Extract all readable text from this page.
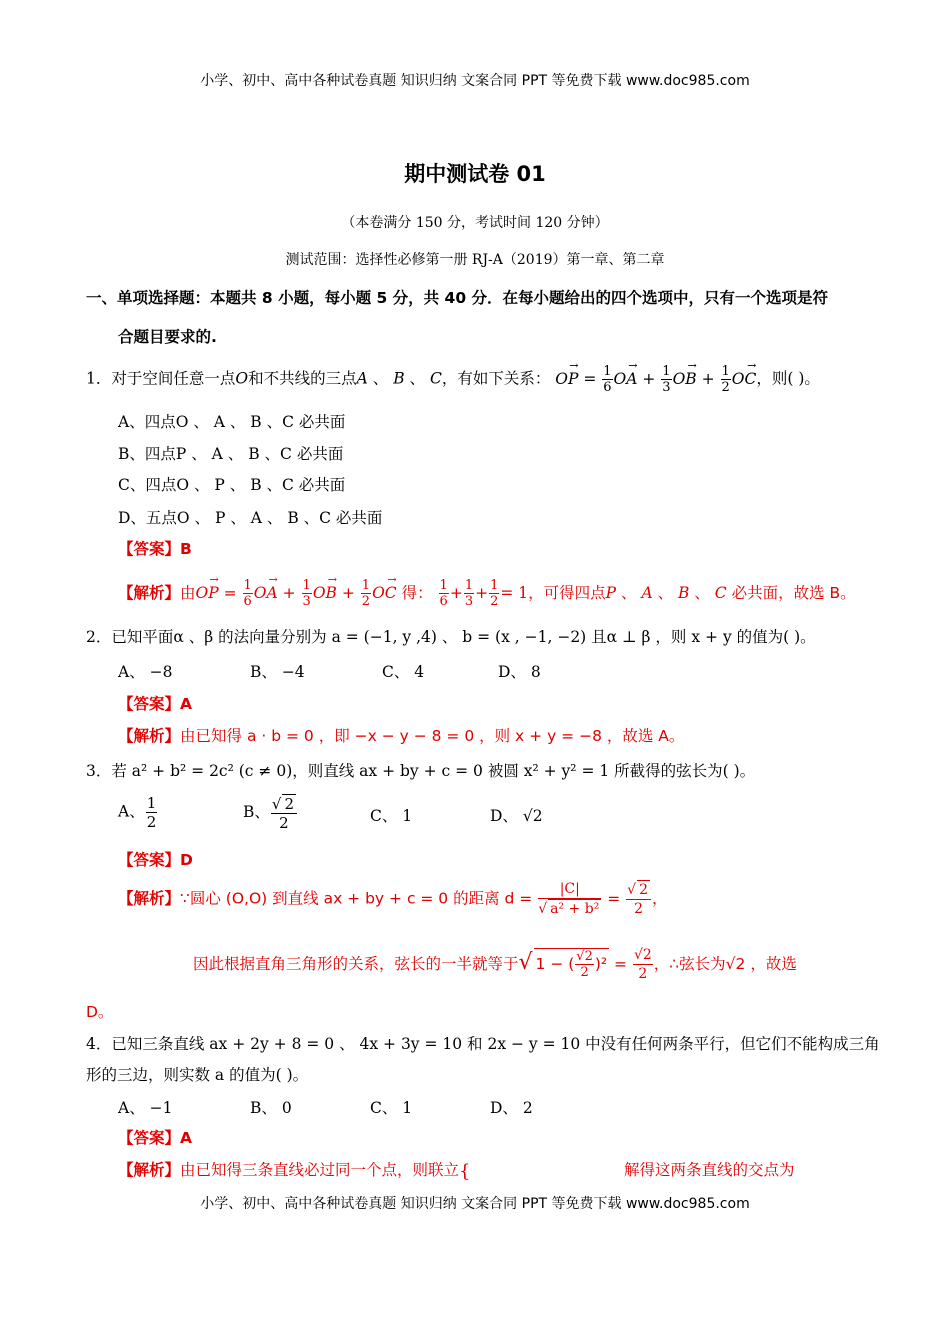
小学、初中、高中各种试卷真题 知识归纳 文案合同 PPT 等免费下载 www.doc985.com
期中测试卷 01
（本卷满分 150 分，考试时间 120 分钟）
测试范围：选择性必修第一册 RJ-A（2019）第一章、第二章
一、单项选择题：本题共 8 小题，每小题 5 分，共 40 分．在每小题给出的四个选项中，只有一个选项是符
合题目要求的.
1．对于空间任意一点O和不共线的三点A 、 B 、 C，有如下关系： OP → = $\frac{1}{6}$ OA → + $\frac{1}{3}$ OB → + $\frac{1}{2}$ OC →，则( )。
A、四点O 、 A 、 B 、C 必共面
B、四点P 、 A 、 B 、C 必共面
C、四点O 、 P 、 B 、C 必共面
D、五点O 、 P 、 A 、 B 、C 必共面
【答案】B
【解析】由OP → = $\frac{1}{6}$ OA → + $\frac{1}{3}$ OB → + $\frac{1}{2}$ OC → 得： $\frac{1}{6} + \frac{1}{3} + \frac{1}{2} = 1$，可得四点P 、 A 、 B 、 C 必共面，故选 B。
2．已知平面α 、β 的法向量分别为 a = (−1, y ,4) 、 b = (x , −1, −2) 且α ⊥ β ，则 x + y 的值为( )。
A、 −8	B、 −4	C、 4	D、 8
【答案】A
【解析】由已知得 a · b = 0 ，即 −x − y − 8 = 0 ，则 x + y = −8 ，故选 A。
3．若 a² + b² = 2c² (c ≠ 0)，则直线 ax + by + c = 0 被圆 x² + y² = 1 所截得的弦长为( )。
A、 $\frac{1}{2}$	B、 $\frac{√ 2}{2}$	C、 1	D、 √2
【答案】D
【解析】∵圆心 (O,O) 到直线 ax + by + c = 0 的距离 $d = \frac{|C|}{\text{√ a² + b²}} = \frac{√ 2}{2}$ ，
因此根据直角三角形的关系，弦长的一半就等于√ 1 − ( $\frac{√2}{2} )^2 = \frac{√2}{2}$ ，∴弦长为√2 ，故选
D。
4．已知三条直线 ax + 2y + 8 = 0 、 4x + 3y = 10 和 2x − y = 10 中没有任何两条平行，但它们不能构成三角
形的三边，则实数 a 的值为( )。
A、 −1	B、 0	C、 1	D、 2
【答案】A
【解析】由已知得三条直线必过同一个点，则联立{	解得这两条直线的交点为
小学、初中、高中各种试卷真题 知识归纳 文案合同 PPT 等免费下载 www.doc985.com
